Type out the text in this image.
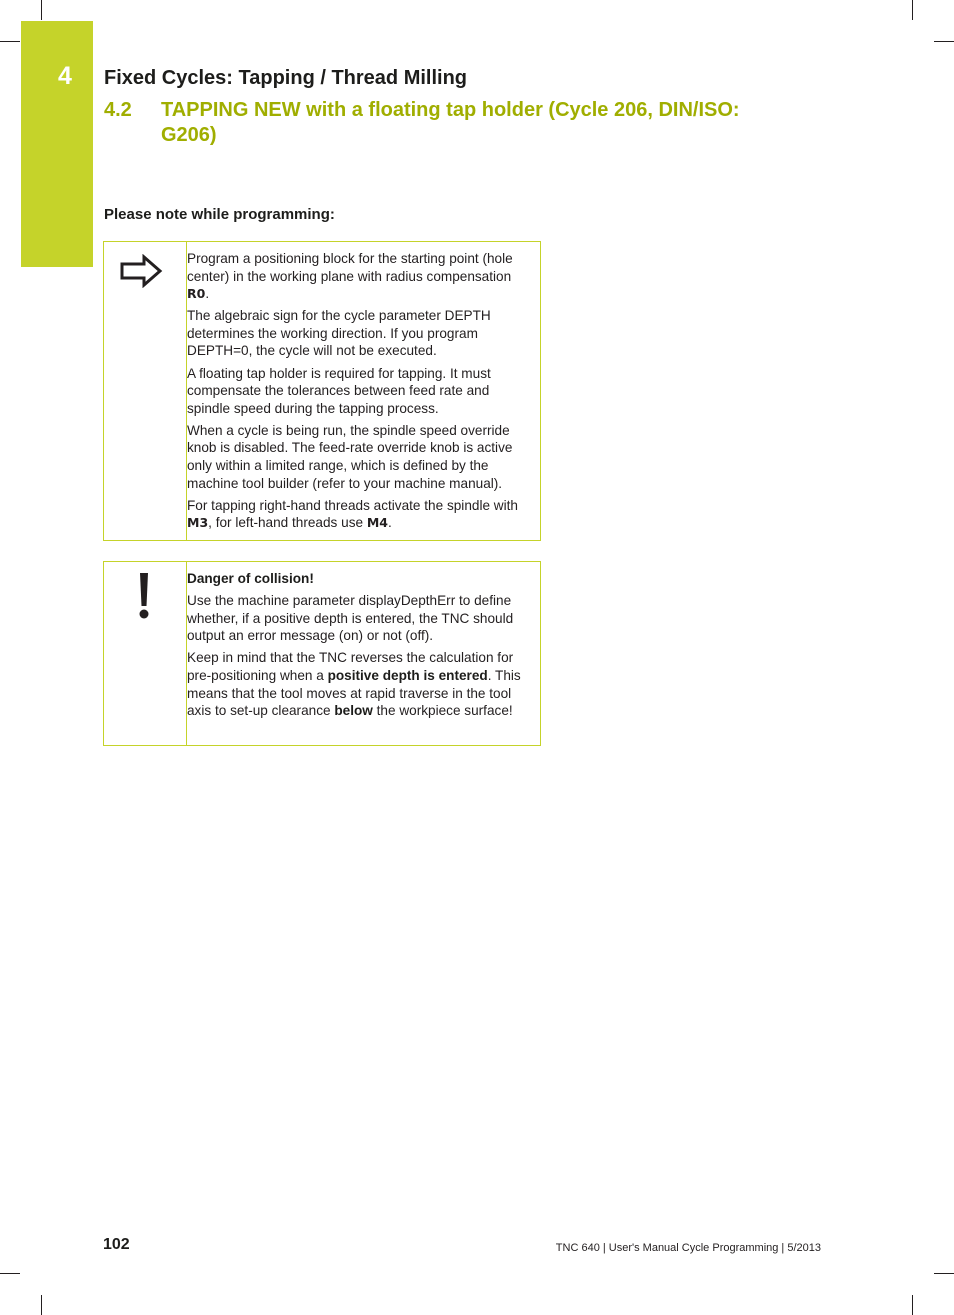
4 Fixed Cycles: Tapping / Thread Milling
4.2 TAPPING NEW with a floating tap holder (Cycle 206, DIN/ISO: G206)
Please note while programming:

Program a positioning block for the starting point (hole center) in the working plane with radius compensation R0.

The algebraic sign for the cycle parameter DEPTH determines the working direction. If you program DEPTH=0, the cycle will not be executed.

A floating tap holder is required for tapping. It must compensate the tolerances between feed rate and spindle speed during the tapping process.

When a cycle is being run, the spindle speed override knob is disabled. The feed-rate override knob is active only within a limited range, which is defined by the machine tool builder (refer to your machine manual).

For tapping right-hand threads activate the spindle with M3, for left-hand threads use M4.

Danger of collision!

Use the machine parameter displayDepthErr to define whether, if a positive depth is entered, the TNC should output an error message (on) or not (off).

Keep in mind that the TNC reverses the calculation for pre-positioning when a positive depth is entered. This means that the tool moves at rapid traverse in the tool axis to set-up clearance below the workpiece surface!

102	TNC 640 | User's Manual Cycle Programming | 5/2013
